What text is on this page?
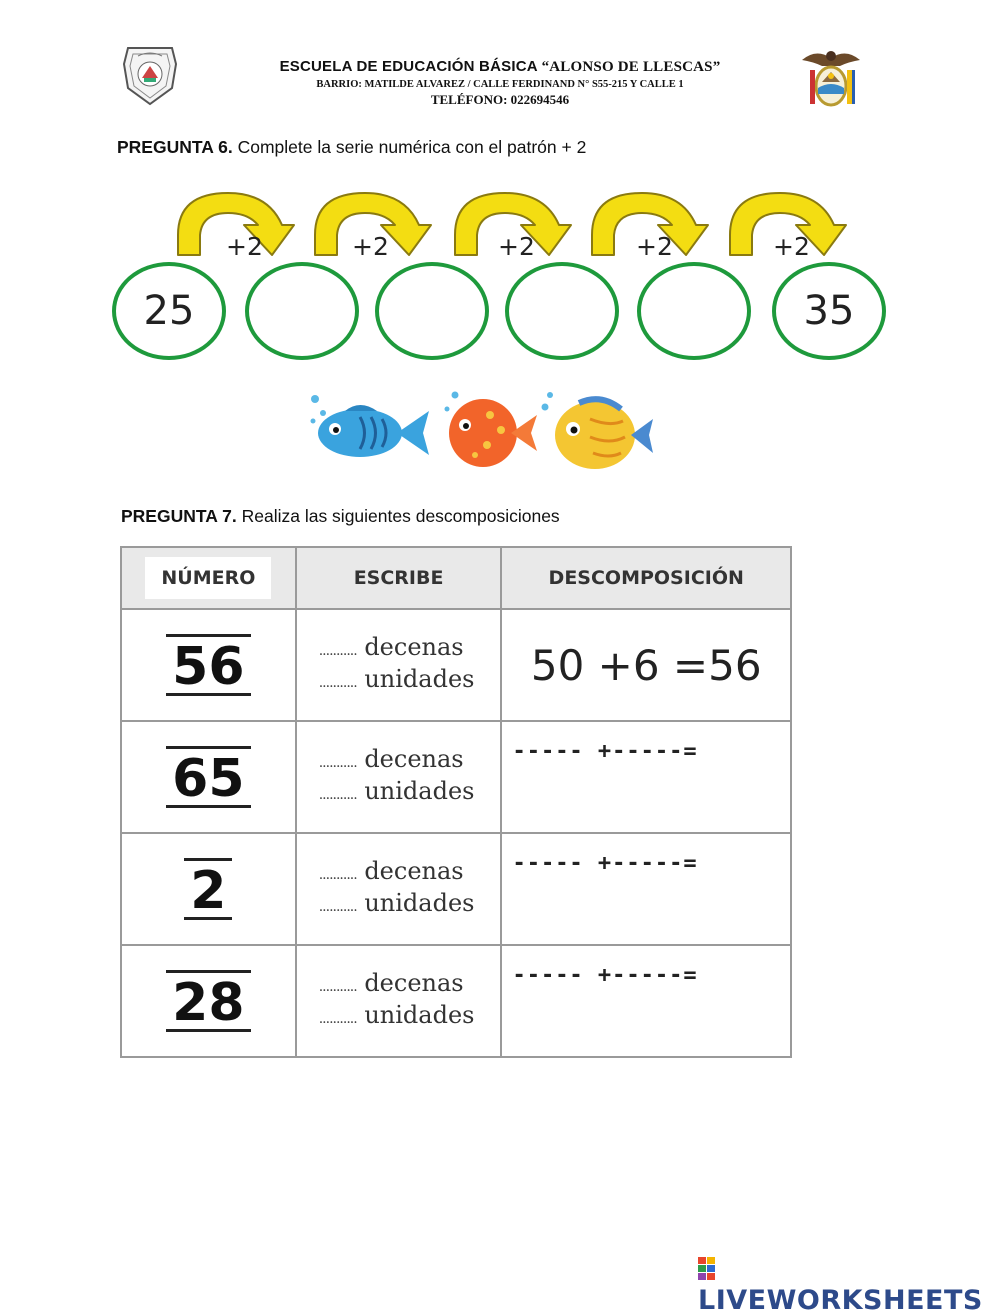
ESCUELA DE EDUCACIÓN BÁSICA “ALONSO DE LLESCAS”
BARRIO: MATILDE ALVAREZ / CALLE FERDINAND N° S55-215 Y CALLE 1
TELÉFONO: 022694546
PREGUNTA 6. Complete la serie numérica con el patrón + 2
+2	+2	+2	+2	+2
25	35
PREGUNTA 7. Realiza las siguientes descomposiciones
NÚMERO	ESCRIBE	DESCOMPOSICIÓN
56	........... decenas
........... unidades	50 +6 =56

65	........... decenas
........... unidades	----- +-----=

2	........... decenas
........... unidades	----- +-----=

28	........... decenas
........... unidades	----- +-----=
LIVEWORKSHEETS
